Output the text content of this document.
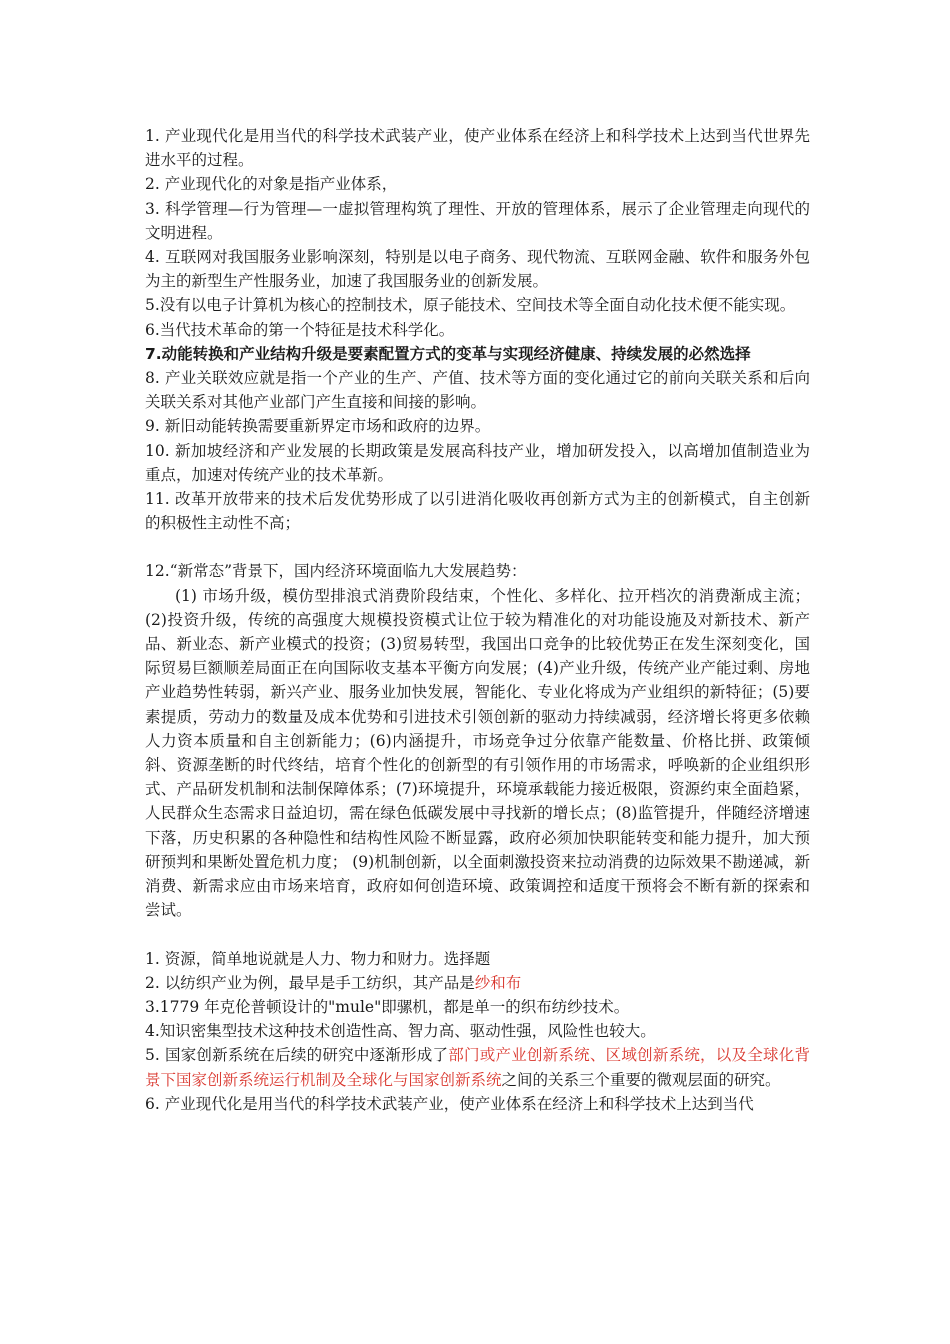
1. 产业现代化是用当代的科学技术武装产业，使产业体系在经济上和科学技术上达到当代世界先进水平的过程。

2. 产业现代化的对象是指产业体系，

3. 科学管理—行为管理—一虚拟管理构筑了理性、开放的管理体系，展示了企业管理走向现代的文明进程。

4. 互联网对我国服务业影响深刻，特别是以电子商务、现代物流、互联网金融、软件和服务外包为主的新型生产性服务业，加速了我国服务业的创新发展。

5.没有以电子计算机为核心的控制技术，原子能技术、空间技术等全面自动化技术便不能实现。

6.当代技术革命的第一个特征是技术科学化。

7.动能转换和产业结构升级是要素配置方式的变革与实现经济健康、持续发展的必然选择

8. 产业关联效应就是指一个产业的生产、产值、技术等方面的变化通过它的前向关联关系和后向关联关系对其他产业部门产生直接和间接的影响。

9. 新旧动能转换需要重新界定市场和政府的边界。

10. 新加坡经济和产业发展的长期政策是发展高科技产业，增加研发投入，以高增加值制造业为重点，加速对传统产业的技术革新。

11. 改革开放带来的技术后发优势形成了以引进消化吸收再创新方式为主的创新模式，自主创新的积极性主动性不高；

12.“新常态”背景下，国内经济环境面临九大发展趋势：

(1) 市场升级，模仿型排浪式消费阶段结束，个性化、多样化、拉开档次的消费渐成主流；(2)投资升级，传统的高强度大规模投资模式让位于较为精准化的对功能设施及对新技术、新产品、新业态、新产业模式的投资；(3)贸易转型，我国出口竞争的比较优势正在发生深刻变化，国际贸易巨额顺差局面正在向国际收支基本平衡方向发展；(4)产业升级，传统产业产能过剩、房地产业趋势性转弱，新兴产业、服务业加快发展，智能化、专业化将成为产业组织的新特征；(5)要素提质，劳动力的数量及成本优势和引进技术引领创新的驱动力持续减弱，经济增长将更多依赖人力资本质量和自主创新能力；(6)内涵提升，市场竞争过分依靠产能数量、价格比拼、政策倾斜、资源垄断的时代终结，培育个性化的创新型的有引领作用的市场需求，呼唤新的企业组织形式、产品研发机制和法制保障体系；(7)环境提升，环境承载能力接近极限，资源约束全面趋紧，人民群众生态需求日益迫切，需在绿色低碳发展中寻找新的增长点；(8)监管提升，伴随经济增速下落，历史积累的各种隐性和结构性风险不断显露，政府必须加快职能转变和能力提升，加大预研预判和果断处置危机力度； (9)机制创新，以全面刺激投资来拉动消费的边际效果不勘递减，新消费、新需求应由市场来培育，政府如何创造环境、政策调控和适度干预将会不断有新的探索和尝试。

1. 资源，简单地说就是人力、物力和财力。选择题

2. 以纺织产业为例，最早是手工纺织，其产品是纱和布

3.1779 年克伦普顿设计的"mule"即骡机，都是单一的织布纺纱技术。

4.知识密集型技术这种技术创造性高、智力高、驱动性强，风险性也较大。

5. 国家创新系统在后续的研究中逐渐形成了部门或产业创新系统、区域创新系统，以及全球化背景下国家创新系统运行机制及全球化与国家创新系统之间的关系三个重要的微观层面的研究。

6. 产业现代化是用当代的科学技术武装产业，使产业体系在经济上和科学技术上达到当代
